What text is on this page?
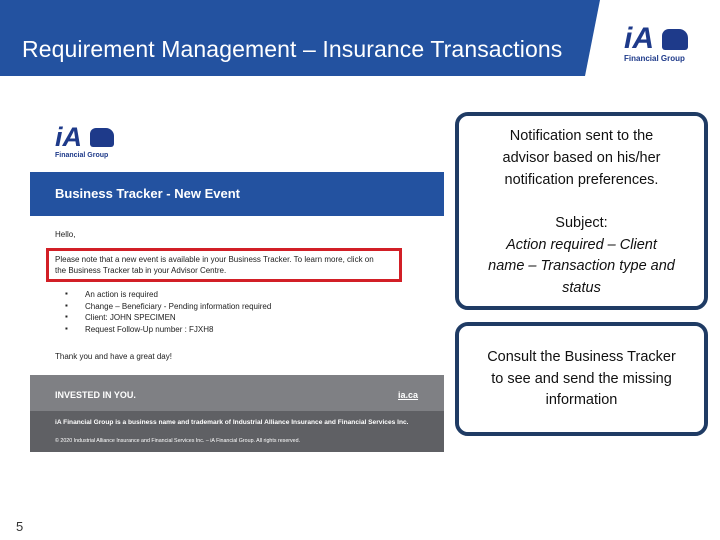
Requirement Management – Insurance Transactions iA
Financial Group
iA
Financial Group
Business Tracker - New Event
Hello,
Please note that a new event is available in your Business Tracker. To learn more, click on
the Business Tracker tab in your Advisor Centre.
▪ An action is required
▪ Change – Beneficiary - Pending information required
▪ Client: JOHN SPECIMEN
▪ Request Follow-Up number : FJXH8
Thank you and have a great day!
INVESTED IN YOU.	ia.ca
iA Financial Group is a business name and trademark of Industrial Alliance Insurance and Financial Services Inc.
© 2020 Industrial Alliance Insurance and Financial Services Inc. – iA Financial Group. All rights reserved.
Notification sent to the
advisor based on his/her
notification preferences.
Subject:
Action required – Client
name – Transaction type and
status
Consult the Business Tracker
to see and send the missing
information
5
